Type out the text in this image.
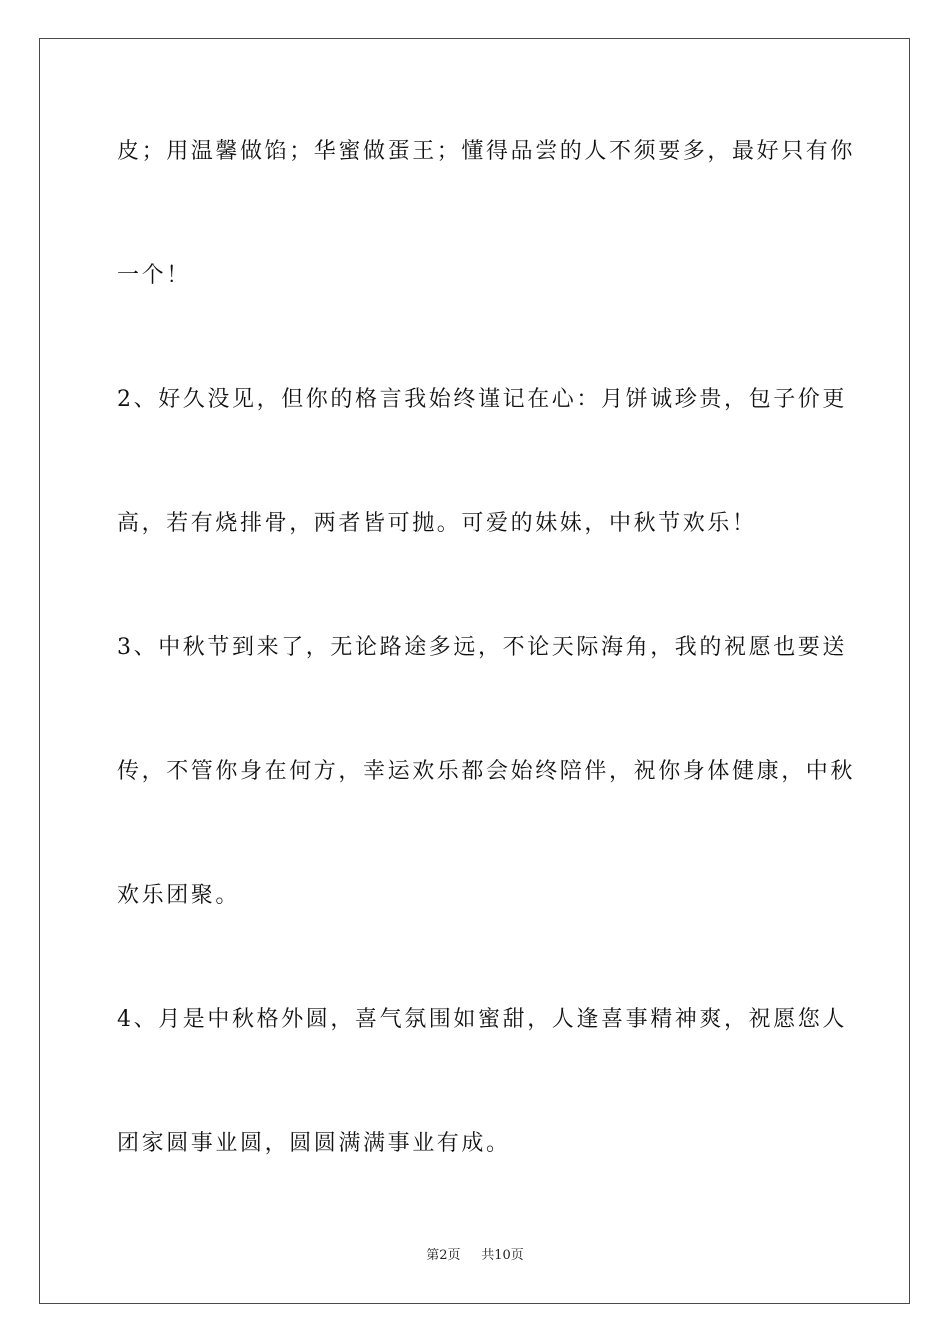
皮；用温馨做馅；华蜜做蛋王；懂得品尝的人不须要多，最好只有你
一个！
2、好久没见，但你的格言我始终谨记在心：月饼诚珍贵，包子价更
高，若有烧排骨，两者皆可抛。可爱的妹妹，中秋节欢乐！
3、中秋节到来了，无论路途多远，不论天际海角，我的祝愿也要送
传，不管你身在何方，幸运欢乐都会始终陪伴，祝你身体健康，中秋
欢乐团聚。
4、月是中秋格外圆，喜气氛围如蜜甜，人逢喜事精神爽，祝愿您人
团家圆事业圆，圆圆满满事业有成。
第2页 共10页
